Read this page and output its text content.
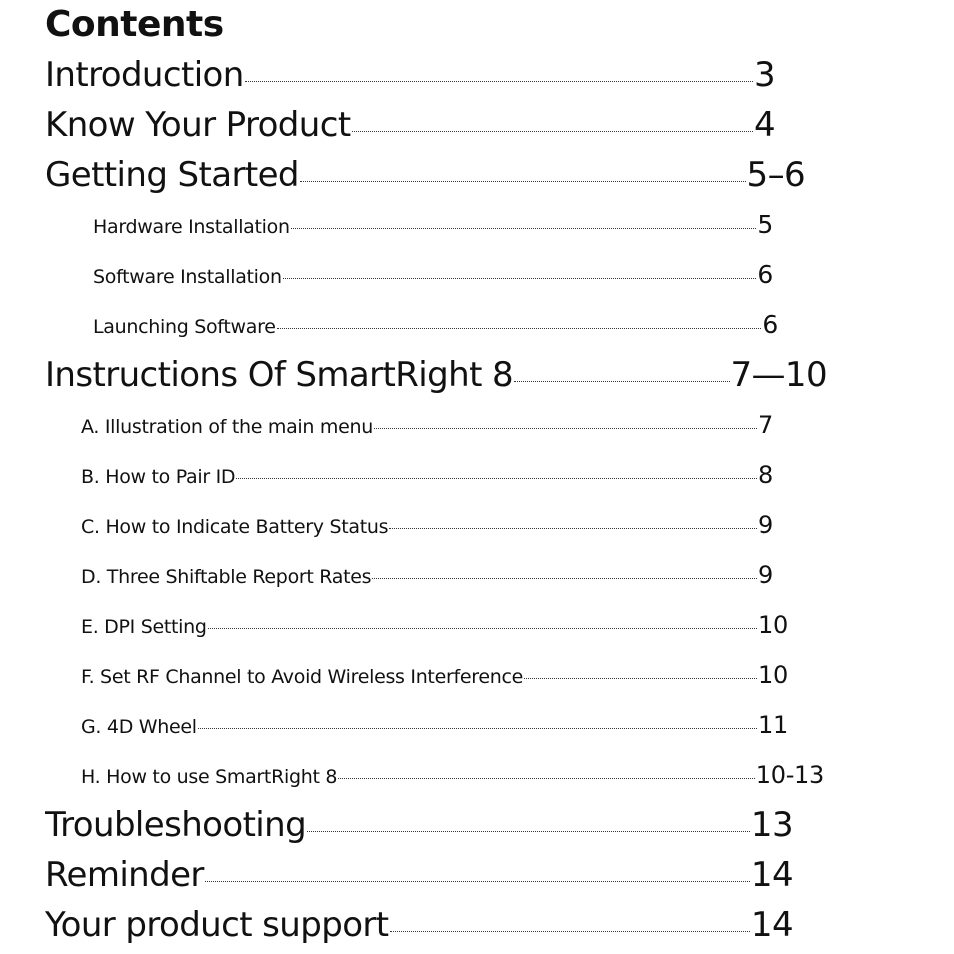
Contents
Introduction	3
Know Your Product	4
Getting Started	5–6
Hardware Installation	5
Software Installation	6
Launching Software	6
Instructions Of SmartRight 8	7—10
A. Illustration of the main menu	7
B. How to Pair ID	8
C. How to Indicate Battery Status	9
D. Three Shiftable Report Rates	9
E. DPI Setting	10
F. Set RF Channel to Avoid Wireless Interference	10
G. 4D Wheel	11
H. How to use SmartRight 8	10-13
Troubleshooting	13
Reminder	14
Your product support	14
